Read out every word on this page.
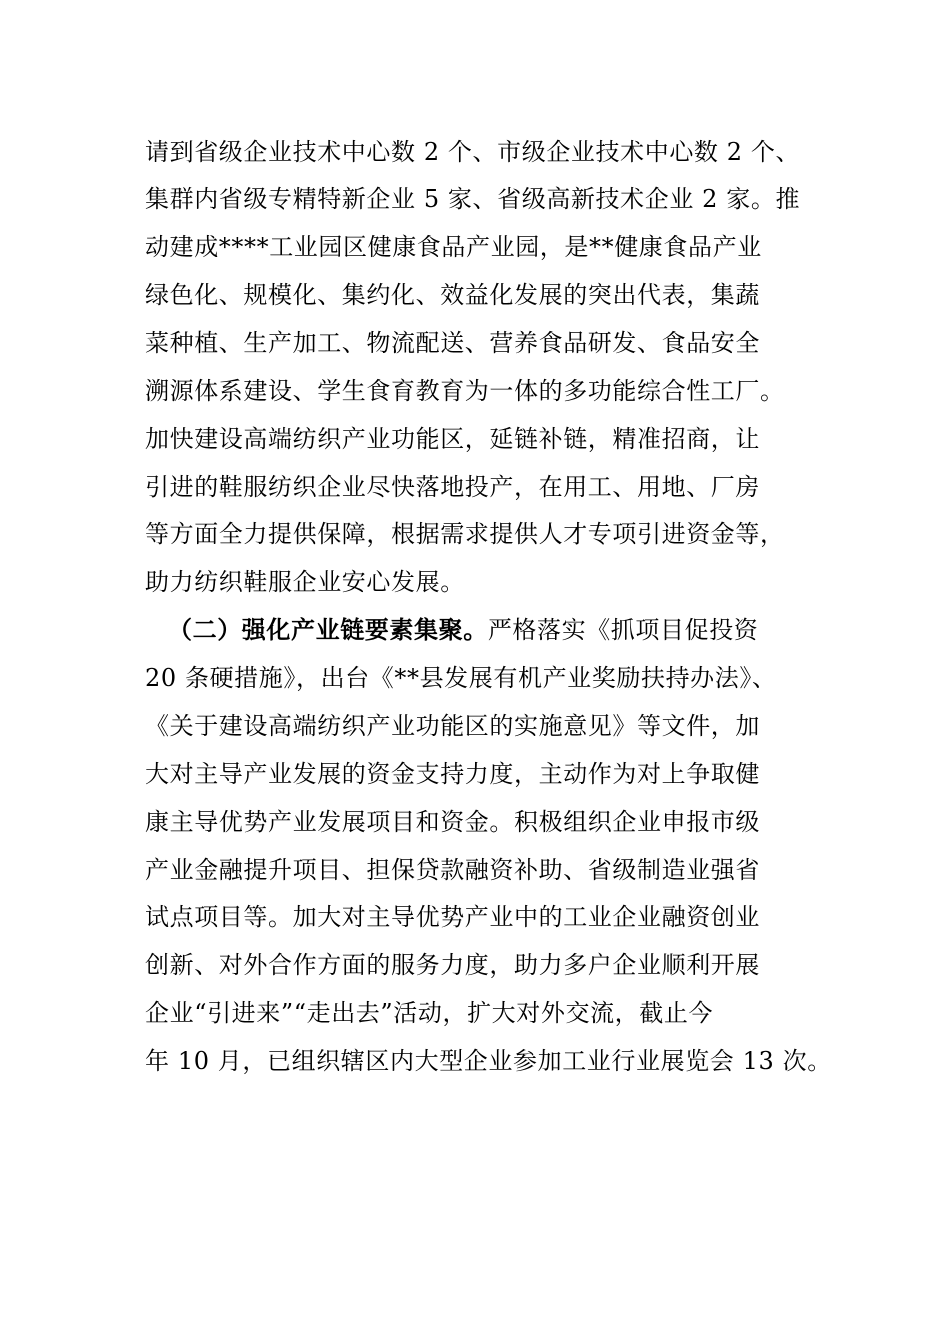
请到省级企业技术中心数 2 个、市级企业技术中心数 2 个、
集群内省级专精特新企业 5 家、省级高新技术企业 2 家。推
动建成****工业园区健康食品产业园，是**健康食品产业
绿色化、规模化、集约化、效益化发展的突出代表，集蔬
菜种植、生产加工、物流配送、营养食品研发、食品安全
溯源体系建设、学生食育教育为一体的多功能综合性工厂。
加快建设高端纺织产业功能区，延链补链，精准招商，让
引进的鞋服纺织企业尽快落地投产，在用工、用地、厂房
等方面全力提供保障，根据需求提供人才专项引进资金等，
助力纺织鞋服企业安心发展。
（二）强化产业链要素集聚。严格落实《抓项目促投资
20 条硬措施》，出台《**县发展有机产业奖励扶持办法》、
《关于建设高端纺织产业功能区的实施意见》等文件，加
大对主导产业发展的资金支持力度，主动作为对上争取健
康主导优势产业发展项目和资金。积极组织企业申报市级
产业金融提升项目、担保贷款融资补助、省级制造业强省
试点项目等。加大对主导优势产业中的工业企业融资创业
创新、对外合作方面的服务力度，助力多户企业顺利开展
企业“引进来”“走出去”活动，扩大对外交流，截止今
年 10 月，已组织辖区内大型企业参加工业行业展览会 13 次。
